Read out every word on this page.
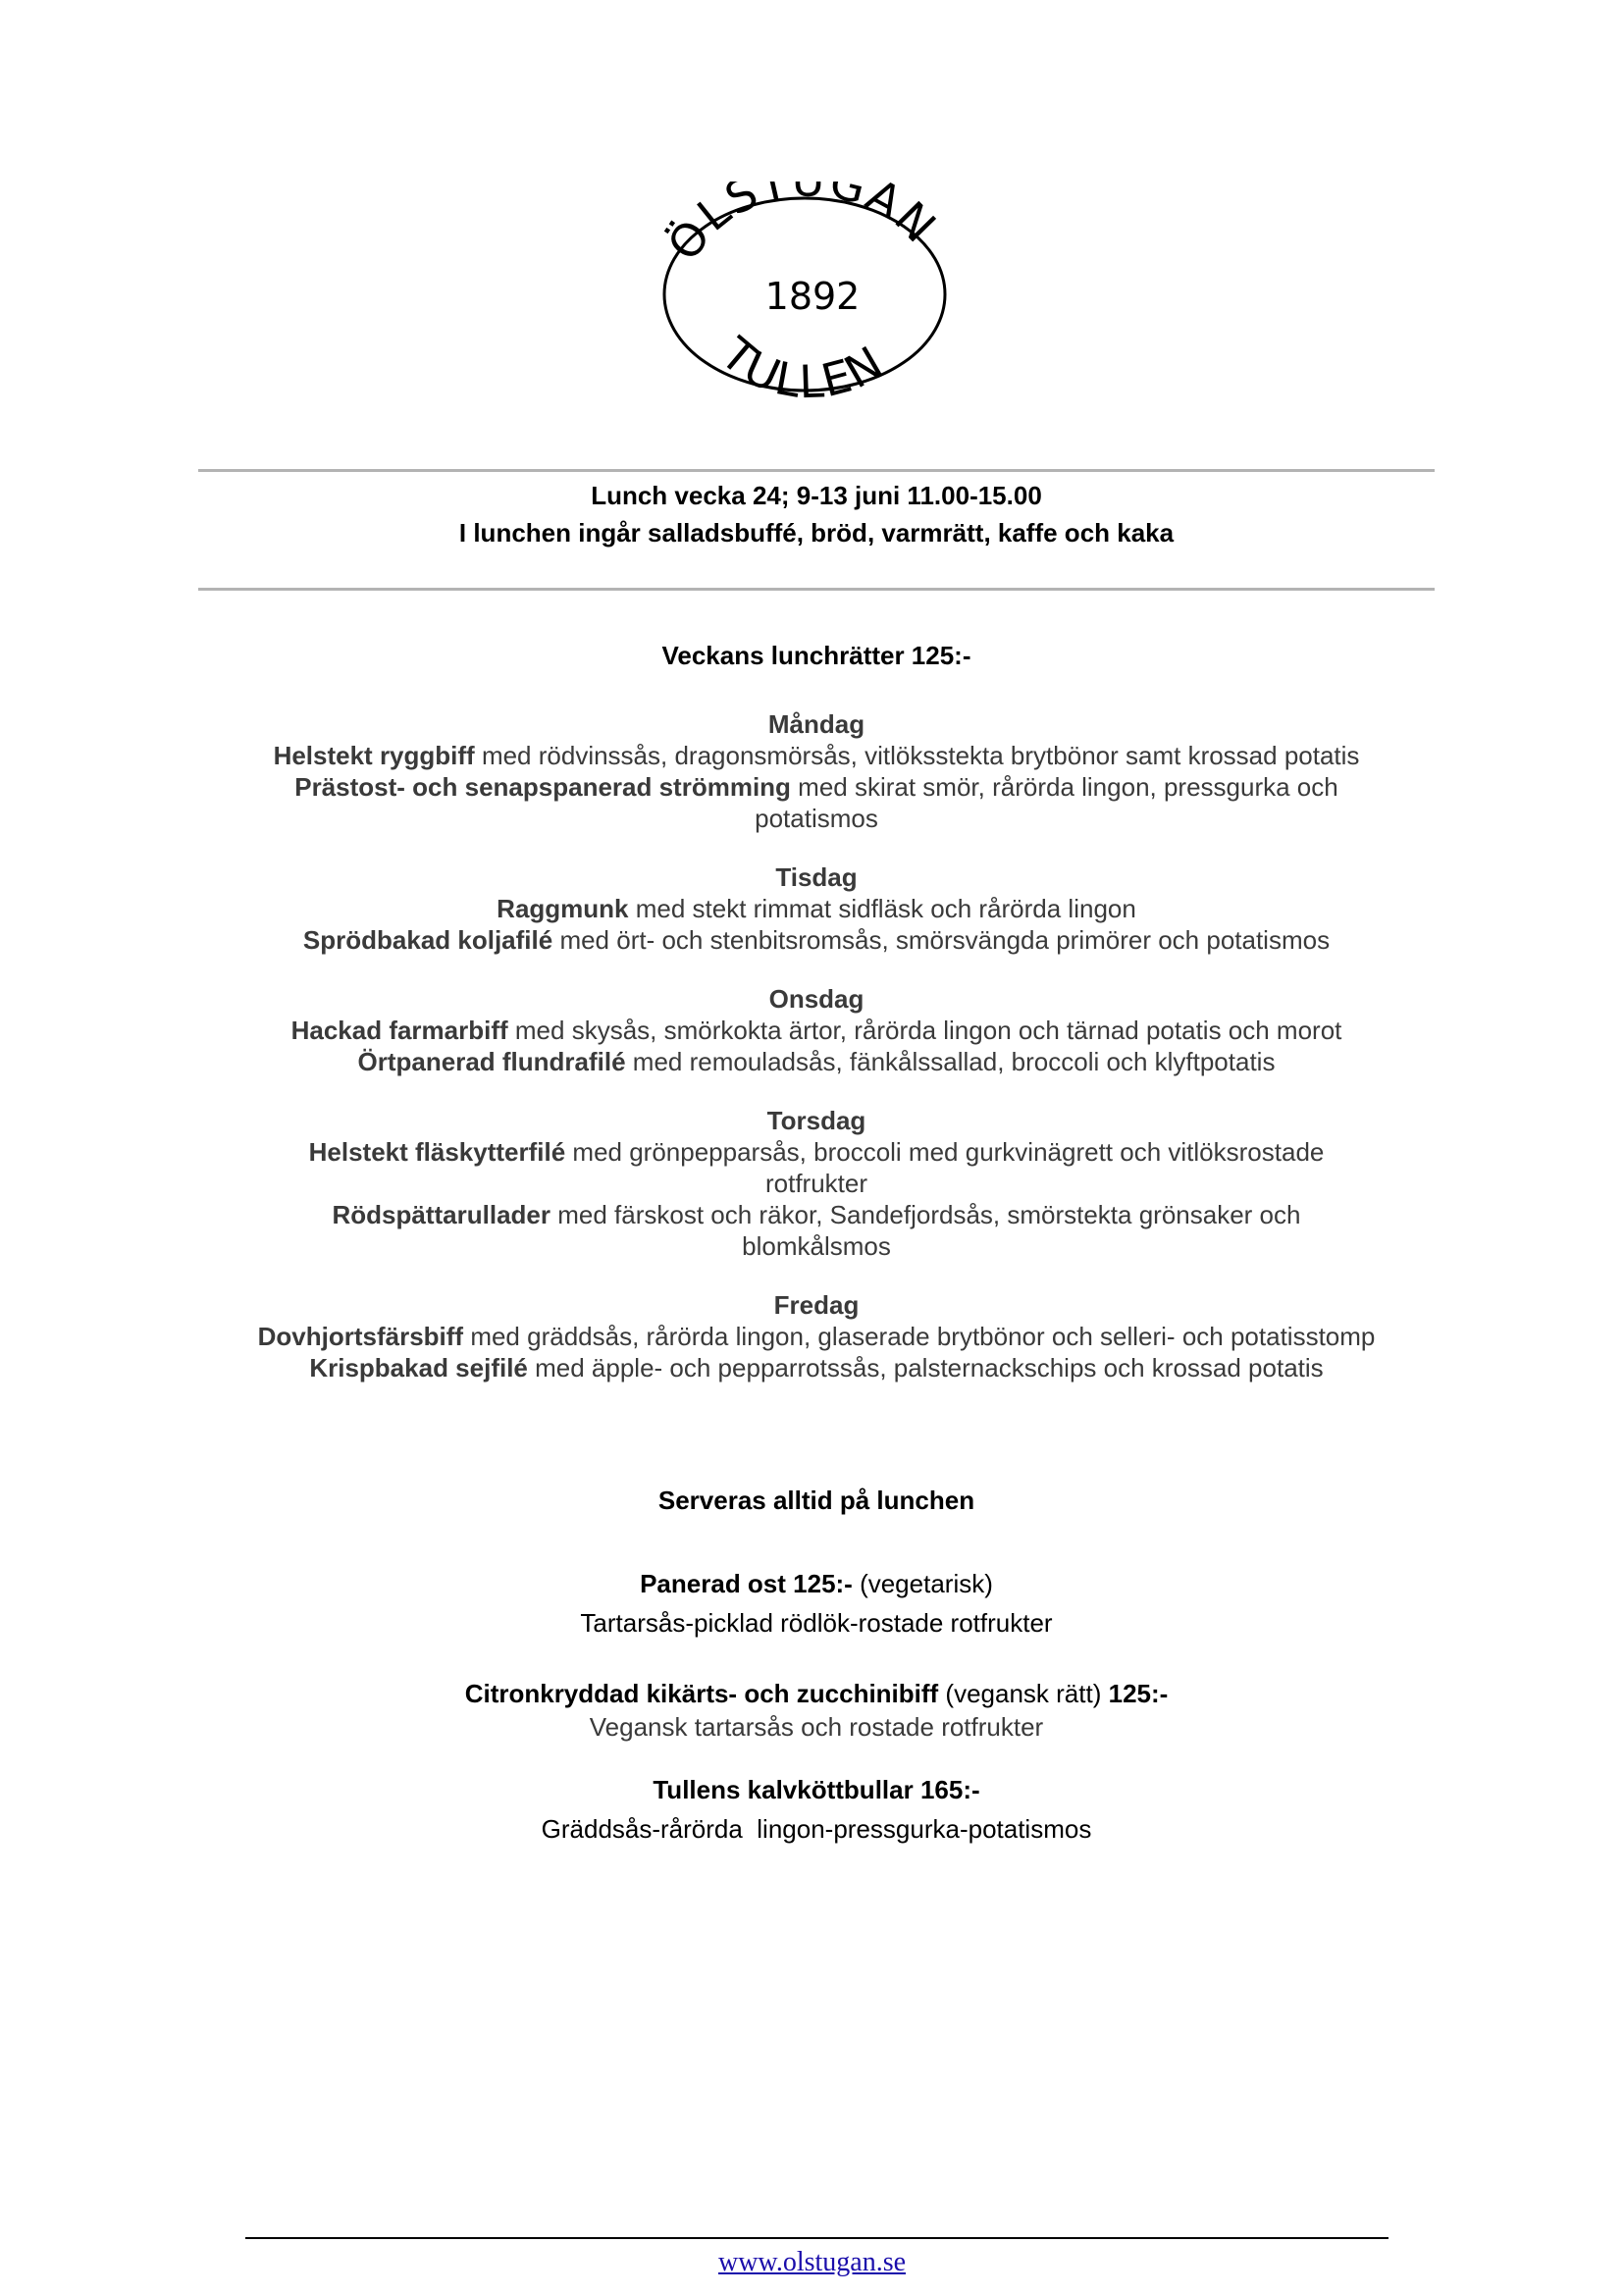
ÖLST GAN
1892
TULLEN

Lunch vecka 24; 9-13 juni 11.00-15.00

I lunchen ingår salladsbuffé, bröd, varmrätt, kaffe och kaka

Veckans lunchrätter 125:-

Måndag

Helstekt ryggbiff med rödvinssås, dragonsmörsås, vitlöksstekta brytbönor samt krossad potatis

Prästost- och senapspanerad strömming med skirat smör, rårörda lingon, pressgurka och potatismos

Tisdag

Raggmunk med stekt rimmat sidfläsk och rårörda lingon

Sprödbakad koljafilé med ört- och stenbitsromsås, smörsvängda primörer och potatismos

Onsdag

Hackad farmarbiff med skysås, smörkokta ärtor, rårörda lingon och tärnad potatis och morot

Örtpanerad flundrafilé med remouladsås, fänkålssallad, broccoli och klyftpotatis

Torsdag

Helstekt fläskytterfilé med grönpepparsås, broccoli med gurkvinägrett och vitlöksrostade rotfrukter

Rödspättarullader med färskost och räkor, Sandefjordsås, smörstekta grönsaker och blomkålsmos

Fredag

Dovhjortsfärsbiff med gräddsås, rårörda lingon, glaserade brytbönor och selleri- och potatisstomp

Krispbakad sejfilé med äpple- och pepparrotssås, palsternackschips och krossad potatis

Serveras alltid på lunchen

Panerad ost 125:- (vegetarisk)

Tartarsås-picklad rödlök-rostade rotfrukter

Citronkryddad kikärts- och zucchinibiff (vegansk rätt) 125:-

Vegansk tartarsås och rostade rotfrukter

Tullens kalvköttbullar 165:-

Gräddsås-rårörda  lingon-pressgurka-potatismos

www.olstugan.se
